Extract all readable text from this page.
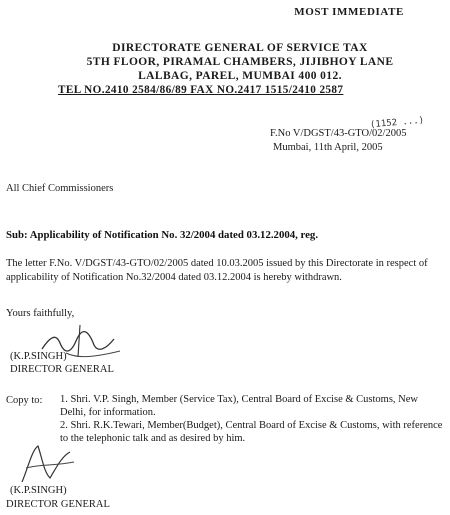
MOST IMMEDIATE
DIRECTORATE GENERAL OF SERVICE TAX
5TH FLOOR, PIRAMAL CHAMBERS, JIJIBHOY LANE
LALBAG, PAREL, MUMBAI 400 012.
TEL NO.2410 2584/86/89 FAX NO.2417 1515/2410 2587
F.No V/DGST/43-GTO/02/2005
(1152 ...)
Mumbai, 11th April, 2005
All Chief Commissioners
Sub: Applicability of Notification No. 32/2004 dated 03.12.2004, reg.
The letter F.No. V/DGST/43-GTO/02/2005 dated 10.03.2005 issued by this Directorate in respect of applicability of Notification No.32/2004 dated 03.12.2004 is hereby withdrawn.
Yours faithfully,
(K.P.SINGH)
DIRECTOR GENERAL
Copy to: 1. Shri. V.P. Singh, Member (Service Tax), Central Board of Excise & Customs, New Delhi, for information.
2. Shri. R.K.Tewari, Member(Budget), Central Board of Excise & Customs, with reference to the telephonic talk and as desired by him.
(K.P.SINGH)
DIRECTOR GENERAL
